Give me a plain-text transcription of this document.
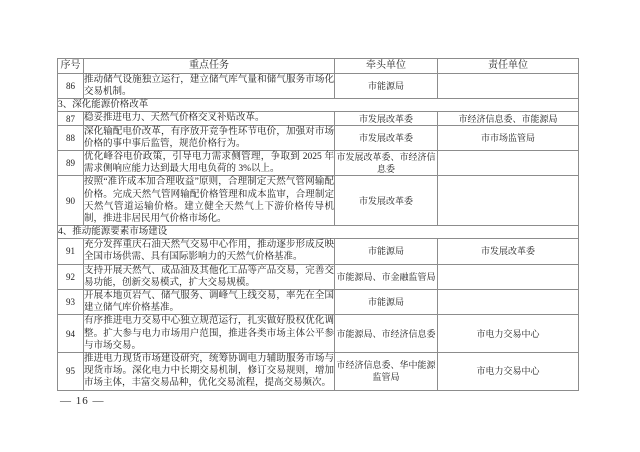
序号	重点任务	牵头单位	责任单位
86	推动储气设施独立运行，建立储气库气量和储气服务市场化交易机制。	市能源局	
3、深化能源价格改革			
87	稳妥推进电力、天然气价格交叉补贴改革。	市发展改革委	市经济信息委、市能源局
88	深化输配电价改革，有序放开竞争性环节电价，加强对市场价格的事中事后监管，规范价格行为。	市发展改革委	市市场监管局
89	优化峰谷电价政策，引导电力需求侧管理，争取到 2025 年需求侧响应能力达到最大用电负荷的 3%以上。	市发展改革委、市经济信息委	
90	按照“准许成本加合理收益”原则，合理制定天然气管网输配价格。完成天然气管网输配价格管理和成本监审，合理制定天然气管道运输价格。建立健全天然气上下游价格传导机制，推进非居民用气价格市场化。	市发展改革委	
4、推动能源要素市场建设			
91	充分发挥重庆石油天然气交易中心作用，推动逐步形成反映全国市场供需、具有国际影响力的天然气价格基准。	市能源局	市发展改革委
92	支持开展天然气、成品油及其他化工品等产品交易，完善交易功能，创新交易模式，扩大交易规模。	市能源局、市金融监管局	
93	开展本地页岩气、储气服务、调峰气上线交易，率先在全国建立储气库价格基准。	市能源局	
94	有序推进电力交易中心独立规范运行，扎实做好股权优化调整。扩大参与电力市场用户范围，推进各类市场主体公平参与市场交易。	市能源局、市经济信息委	市电力交易中心
95	推进电力现货市场建设研究，统筹协调电力辅助服务市场与现货市场。深化电力中长期交易机制，修订交易规则，增加市场主体，丰富交易品种，优化交易流程，提高交易频次。	市经济信息委、华中能源监管局	市电力交易中心
— 16 —
